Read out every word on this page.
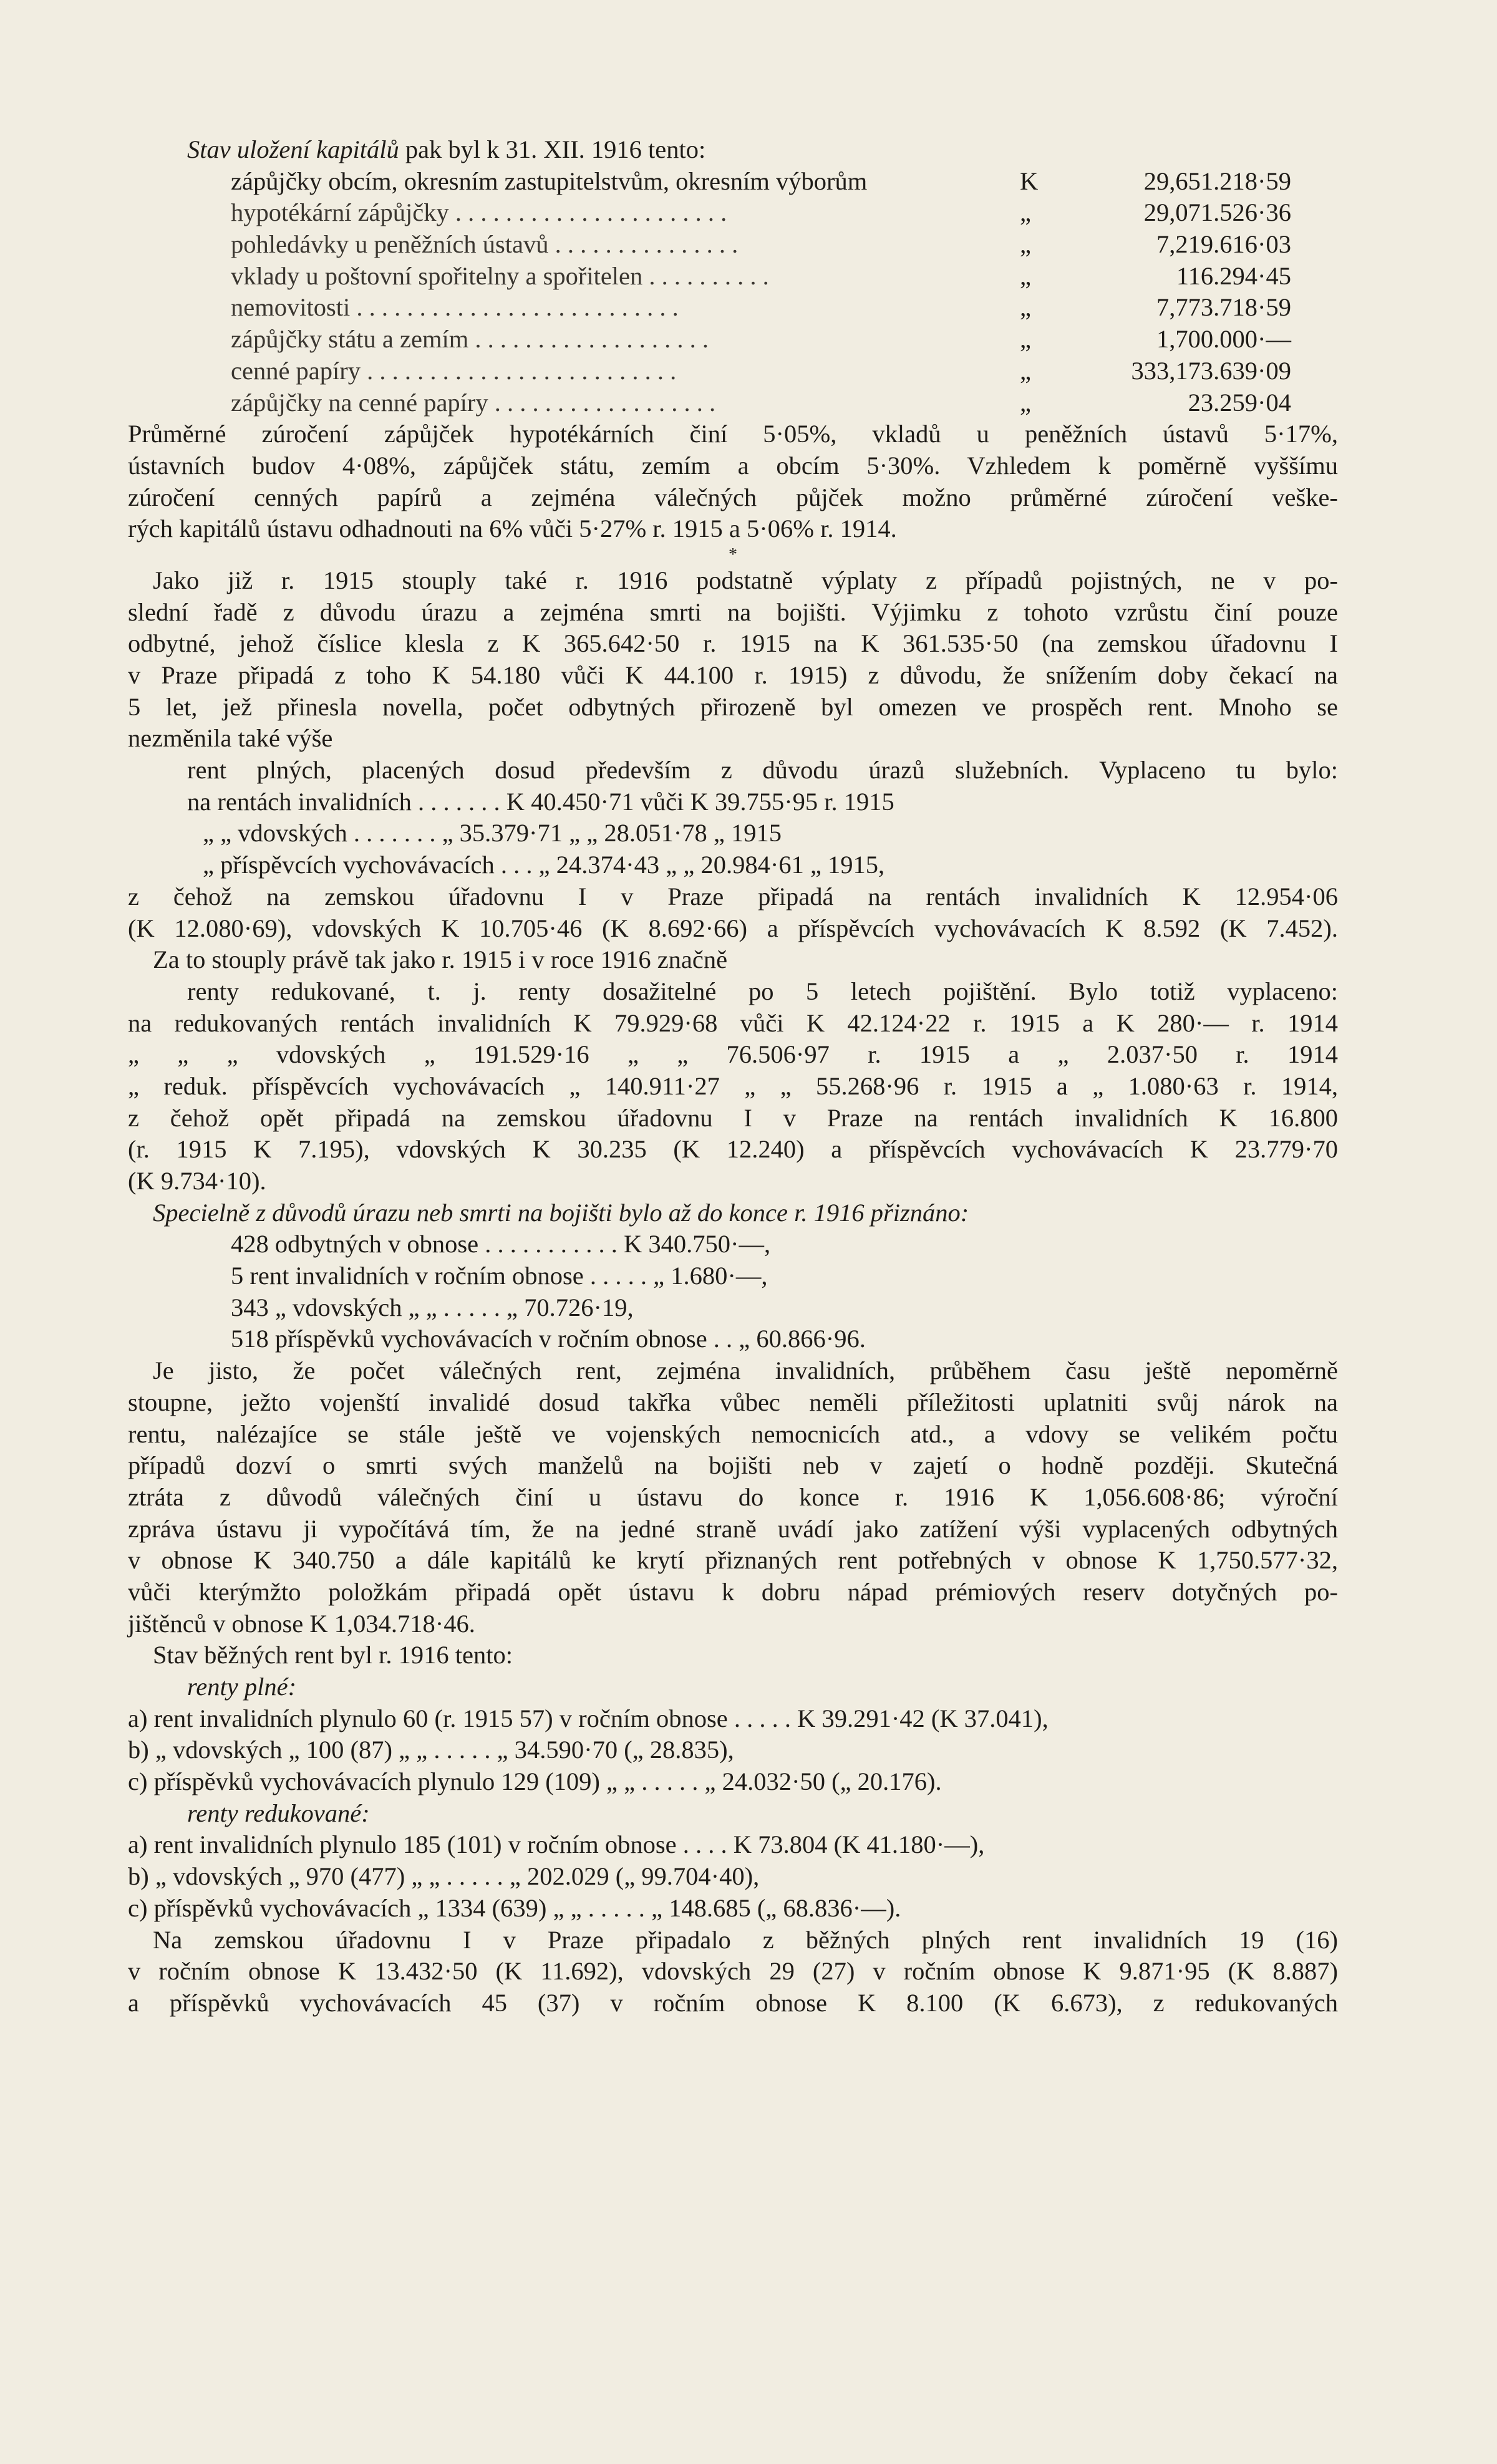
Stav uložení kapitálů pak byl k 31. XII. 1916 tento:
zápůjčky obcím, okresním zastupitelstvům, okresním výborům	K	29,651.218·59
hypotékární zápůjčky . . . . . . . . . . . . . . . . . . . . . .	„	29,071.526·36
pohledávky u peněžních ústavů . . . . . . . . . . . . . . .	„	7,219.616·03
vklady u poštovní spořitelny a spořitelen . . . . . . . . . .	„	116.294·45
nemovitosti . . . . . . . . . . . . . . . . . . . . . . . . . .	„	7,773.718·59
zápůjčky státu a zemím . . . . . . . . . . . . . . . . . . .	„	1,700.000·—
cenné papíry . . . . . . . . . . . . . . . . . . . . . . . . .	„	333,173.639·09
zápůjčky na cenné papíry . . . . . . . . . . . . . . . . . .	„	23.259·04
Průměrné zúročení zápůjček hypotékárních činí 5·05%, vkladů u peněžních ústavů 5·17%,
ústavních budov 4·08%, zápůjček státu, zemím a obcím 5·30%. Vzhledem k poměrně vyššímu
zúročení cenných papírů a zejména válečných půjček možno průměrné zúročení veške-
rých kapitálů ústavu odhadnouti na 6% vůči 5·27% r. 1915 a 5·06% r. 1914.
*
Jako již r. 1915 stouply také r. 1916 podstatně výplaty z případů pojistných, ne v po-
slední řadě z důvodu úrazu a zejména smrti na bojišti. Výjimku z tohoto vzrůstu činí pouze
odbytné, jehož číslice klesla z K 365.642·50 r. 1915 na K 361.535·50 (na zemskou úřadovnu I
v Praze připadá z toho K 54.180 vůči K 44.100 r. 1915) z důvodu, že snížením doby čekací na
5 let, jež přinesla novella, počet odbytných přirozeně byl omezen ve prospěch rent. Mnoho se
nezměnila také výše
rent plných, placených dosud především z důvodu úrazů služebních. Vyplaceno tu bylo:
na rentách invalidních . . . . . . . K 40.450·71 vůči K 39.755·95 r. 1915
„ „ vdovských . . . . . . . „ 35.379·71 „ „ 28.051·78 „ 1915
„ příspěvcích vychovávacích . . . „ 24.374·43 „ „ 20.984·61 „ 1915,
z čehož na zemskou úřadovnu I v Praze připadá na rentách invalidních K 12.954·06
(K 12.080·69), vdovských K 10.705·46 (K 8.692·66) a příspěvcích vychovávacích K 8.592 (K 7.452).
Za to stouply právě tak jako r. 1915 i v roce 1916 značně
renty redukované, t. j. renty dosažitelné po 5 letech pojištění. Bylo totiž vyplaceno:
na redukovaných rentách invalidních K 79.929·68 vůči K 42.124·22 r. 1915 a K 280·— r. 1914
„ „ „ vdovských „ 191.529·16 „ „ 76.506·97 r. 1915 a „ 2.037·50 r. 1914
„ reduk. příspěvcích vychovávacích „ 140.911·27 „ „ 55.268·96 r. 1915 a „ 1.080·63 r. 1914,
z čehož opět připadá na zemskou úřadovnu I v Praze na rentách invalidních K 16.800
(r. 1915 K 7.195), vdovských K 30.235 (K 12.240) a příspěvcích vychovávacích K 23.779·70
(K 9.734·10).
Specielně z důvodů úrazu neb smrti na bojišti bylo až do konce r. 1916 přiznáno:
428 odbytných v obnose . . . . . . . . . . . K 340.750·—,
5 rent invalidních v ročním obnose . . . . . „ 1.680·—,
343 „ vdovských „ „ . . . . . „ 70.726·19,
518 příspěvků vychovávacích v ročním obnose . . „ 60.866·96.
Je jisto, že počet válečných rent, zejména invalidních, průběhem času ještě nepoměrně
stoupne, ježto vojenští invalidé dosud takřka vůbec neměli příležitosti uplatniti svůj nárok na
rentu, nalézajíce se stále ještě ve vojenských nemocnicích atd., a vdovy se velikém počtu
případů dozví o smrti svých manželů na bojišti neb v zajetí o hodně později. Skutečná
ztráta z důvodů válečných činí u ústavu do konce r. 1916 K 1,056.608·86; výroční
zpráva ústavu ji vypočítává tím, že na jedné straně uvádí jako zatížení výši vyplacených odbytných
v obnose K 340.750 a dále kapitálů ke krytí přiznaných rent potřebných v obnose K 1,750.577·32,
vůči kterýmžto položkám připadá opět ústavu k dobru nápad prémiových reserv dotyčných po-
jištěnců v obnose K 1,034.718·46.
Stav běžných rent byl r. 1916 tento:
renty plné:
a) rent invalidních plynulo 60 (r. 1915 57) v ročním obnose . . . . . K 39.291·42 (K 37.041),
b) „ vdovských „ 100 (87) „ „ . . . . . „ 34.590·70 („ 28.835),
c) příspěvků vychovávacích plynulo 129 (109) „ „ . . . . . „ 24.032·50 („ 20.176).
renty redukované:
a) rent invalidních plynulo 185 (101) v ročním obnose . . . . K 73.804 (K 41.180·—),
b) „ vdovských „ 970 (477) „ „ . . . . . „ 202.029 („ 99.704·40),
c) příspěvků vychovávacích „ 1334 (639) „ „ . . . . . „ 148.685 („ 68.836·—).
Na zemskou úřadovnu I v Praze připadalo z běžných plných rent invalidních 19 (16)
v ročním obnose K 13.432·50 (K 11.692), vdovských 29 (27) v ročním obnose K 9.871·95 (K 8.887)
a příspěvků vychovávacích 45 (37) v ročním obnose K 8.100 (K 6.673), z redukovaných
